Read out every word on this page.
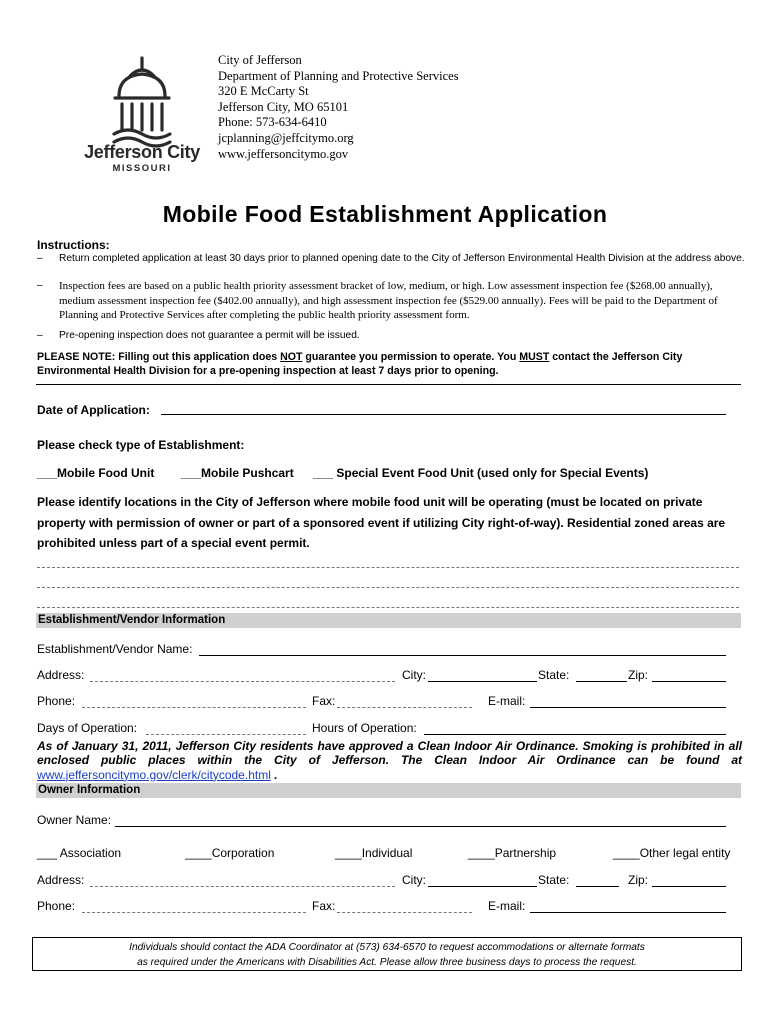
Jefferson City
MISSOURI
City of Jefferson
Department of Planning and Protective Services
320 E McCarty St
Jefferson City, MO 65101
Phone: 573-634-6410
jcplanning@jeffcitymo.org
www.jeffersoncitymo.gov
Mobile Food Establishment Application
Instructions:
– Return completed application at least 30 days prior to planned opening date to the City of Jefferson Environmental Health Division at the address above.
– Inspection fees are based on a public health priority assessment bracket of low, medium, or high. Low assessment inspection fee ($268.00 annually), medium assessment inspection fee ($402.00 annually), and high assessment inspection fee ($529.00 annually). Fees will be paid to the Department of Planning and Protective Services after completing the public health priority assessment form.
– Pre-opening inspection does not guarantee a permit will be issued.
PLEASE NOTE: Filling out this application does NOT guarantee you permission to operate. You MUST contact the Jefferson City Environmental Health Division for a pre-opening inspection at least 7 days prior to opening.
Date of Application:
Please check type of Establishment:
___Mobile Food Unit ___Mobile Pushcart ___ Special Event Food Unit (used only for Special Events)
Please identify locations in the City of Jefferson where mobile food unit will be operating (must be located on private property with permission of owner or part of a sponsored event if utilizing City right-of-way). Residential zoned areas are prohibited unless part of a special event permit.
Establishment/Vendor Information
Establishment/Vendor Name:
Address:	City:	State:	Zip:
Phone:	Fax:	E-mail:
Days of Operation:	Hours of Operation:
As of January 31, 2011, Jefferson City residents have approved a Clean Indoor Air Ordinance. Smoking is prohibited in all enclosed public places within the City of Jefferson. The Clean Indoor Air Ordinance can be found at www.jeffersoncitymo.gov/clerk/citycode.html .
Owner Information
Owner Name:
___ Association	____Corporation	____Individual	____Partnership	____Other legal entity
Address:	City:	State:	Zip:
Phone:	Fax:	E-mail:
Individuals should contact the ADA Coordinator at (573) 634-6570 to request accommodations or alternate formats
as required under the Americans with Disabilities Act. Please allow three business days to process the request.
